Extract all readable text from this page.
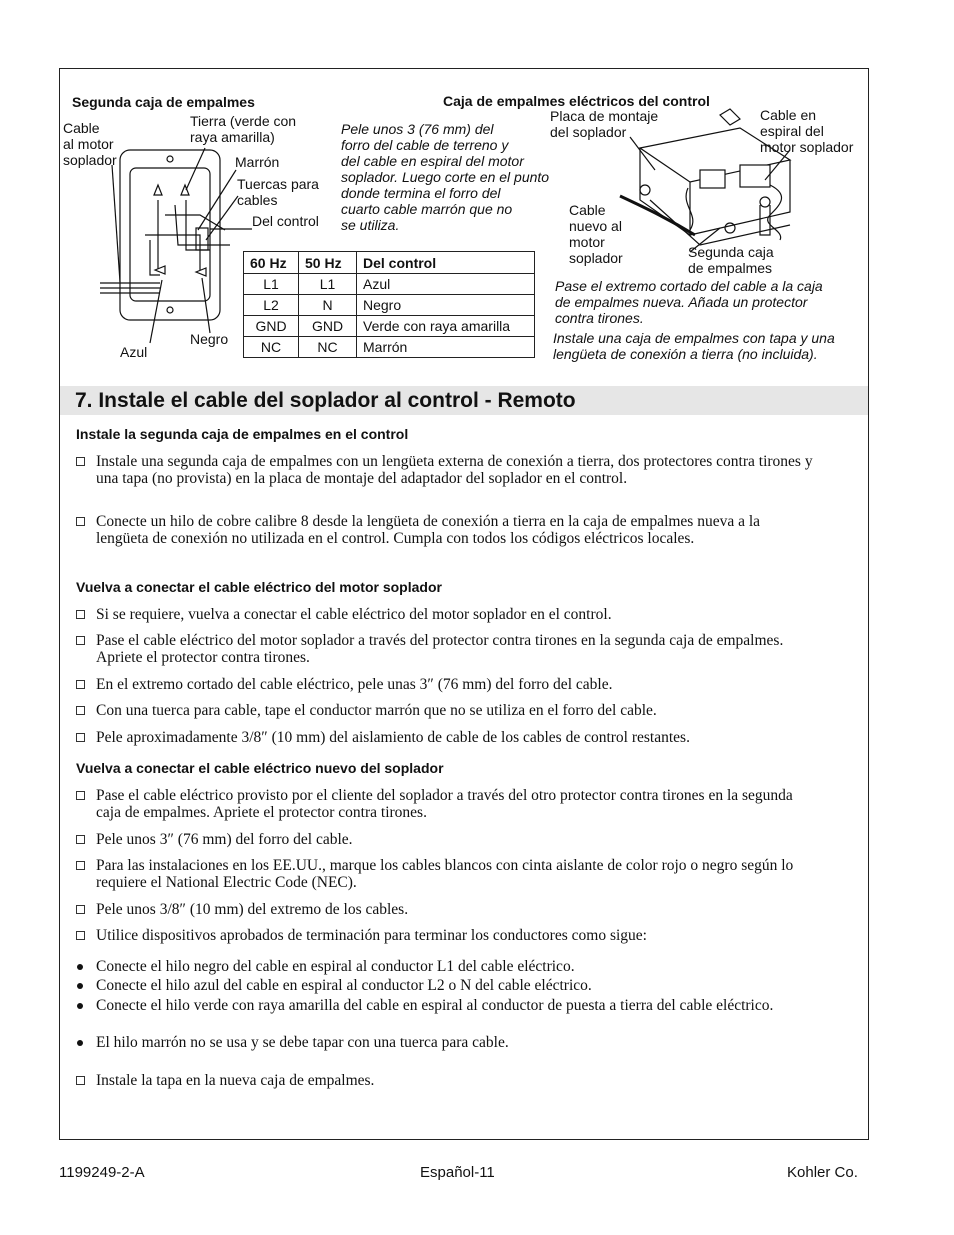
Segunda caja de empalmes	Caja de empalmes eléctricos del control
Cable
al motor
soplador
Tierra (verde con
raya amarilla)
Marrón
Tuercas para
cables
Del control
Azul
Negro
Pele unos 3 (76 mm) del
forro del cable de terreno y
del cable en espiral del motor
soplador. Luego corte en el punto
donde termina el forro del
cuarto cable marrón que no
se utiliza.
Placa de montaje
del soplador
Cable en
espiral del
motor soplador
Cable
nuevo al
motor
soplador	Segunda caja
de empalmes
Pase el extremo cortado del cable a la caja
de empalmes nueva. Añada un protector
contra tirones.
Instale una caja de empalmes con tapa y una
lengüeta de conexión a tierra (no incluida).
60 Hz	50 Hz	Del control
L1	L1	Azul
L2	N	Negro
GND	GND	Verde con raya amarilla
NC	NC	Marrón
7. Instale el cable del soplador al control - Remoto
Instale la segunda caja de empalmes en el control
Instale una segunda caja de empalmes con un lengüeta externa de conexión a tierra, dos protectores contra tirones y una tapa (no provista) en la placa de montaje del adaptador del soplador en el control.
Conecte un hilo de cobre calibre 8 desde la lengüeta de conexión a tierra en la caja de empalmes nueva a la lengüeta de conexión no utilizada en el control. Cumpla con todos los códigos eléctricos locales.
Vuelva a conectar el cable eléctrico del motor soplador
Si se requiere, vuelva a conectar el cable eléctrico del motor soplador en el control.
Pase el cable eléctrico del motor soplador a través del protector contra tirones en la segunda caja de empalmes. Apriete el protector contra tirones.
En el extremo cortado del cable eléctrico, pele unas 3″ (76 mm) del forro del cable.
Con una tuerca para cable, tape el conductor marrón que no se utiliza en el forro del cable.
Pele aproximadamente 3/8″ (10 mm) del aislamiento de cable de los cables de control restantes.
Vuelva a conectar el cable eléctrico nuevo del soplador
Pase el cable eléctrico provisto por el cliente del soplador a través del otro protector contra tirones en la segunda caja de empalmes. Apriete el protector contra tirones.
Pele unos 3″ (76 mm) del forro del cable.
Para las instalaciones en los EE.UU., marque los cables blancos con cinta aislante de color rojo o negro según lo requiere el National Electric Code (NEC).
Pele unos 3/8″ (10 mm) del extremo de los cables.
Utilice dispositivos aprobados de terminación para terminar los conductores como sigue:
Conecte el hilo negro del cable en espiral al conductor L1 del cable eléctrico.
Conecte el hilo azul del cable en espiral al conductor L2 o N del cable eléctrico.
Conecte el hilo verde con raya amarilla del cable en espiral al conductor de puesta a tierra del cable eléctrico.
El hilo marrón no se usa y se debe tapar con una tuerca para cable.
Instale la tapa en la nueva caja de empalmes.
1199249-2-A	Español-11	Kohler Co.
